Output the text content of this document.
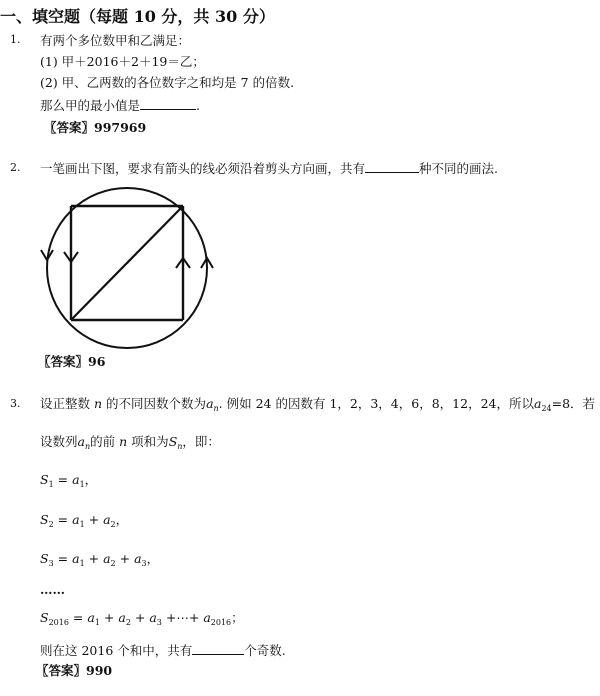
一、填空题（每题 10 分，共 30 分）
1. 有两个多位数甲和乙满足：
(1) 甲＋2016＋2＋19＝乙；
(2) 甲、乙两数的各位数字之和均是 7 的倍数.
那么甲的最小值是	.
〖答案〗997969
2. 一笔画出下图，要求有箭头的线必须沿着剪头方向画，共有	种不同的画法.
〖答案〗96
3. 设正整数 n 的不同因数个数为$a_n$. 例如 24 的因数有 1，2，3，4，6，8，12，24，所以$a_{24}=8$．若
设数列$a_n$的前 n 项和为$S_n$，即：
$S_1 = a_1$，
$S_2 = a_1 + a_2$，
$S_3 = a_1 + a_2 + a_3$，
……
$S_{2016} = a_1 + a_2 + a_3$ +⋯+ $a_{2016}$；
则在这 2016 个和中，共有	个奇数.
〖答案〗990
